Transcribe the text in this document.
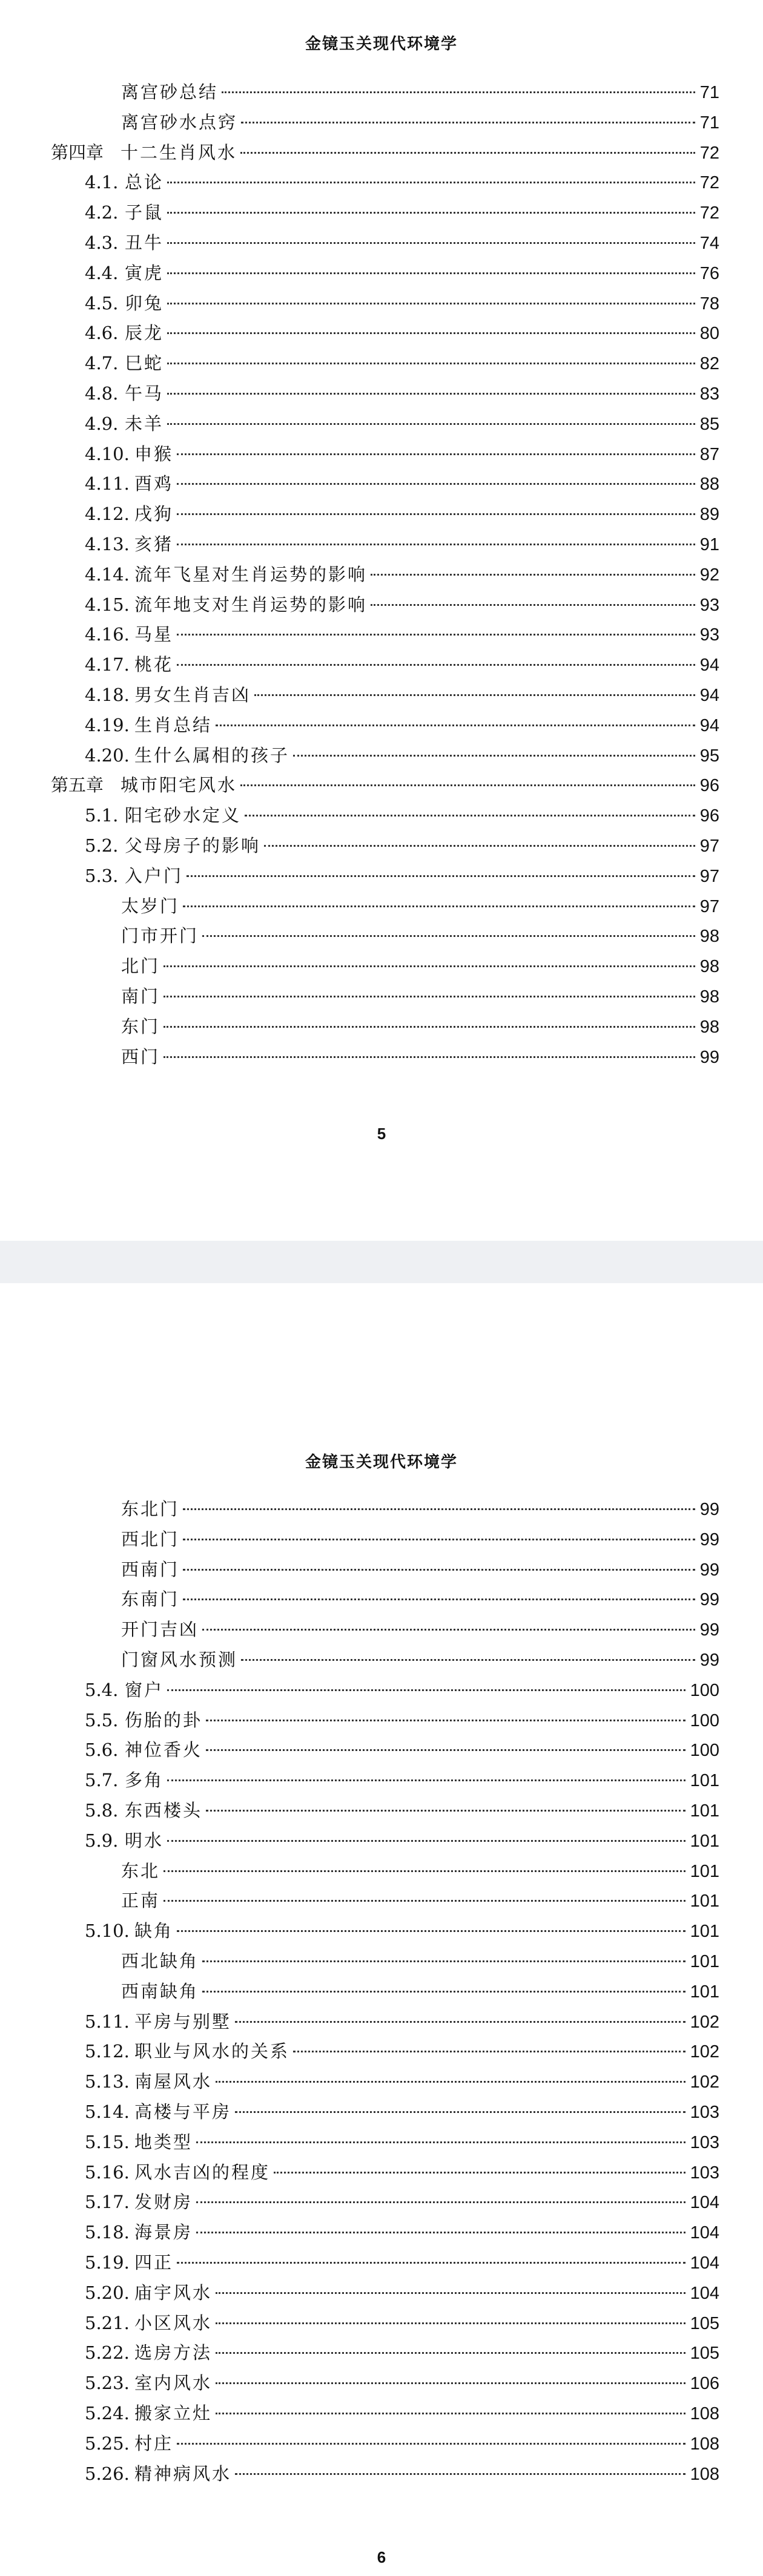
金镜玉关现代环境学
离宫砂总结	71
离宫砂水点窍	71
第四章 十二生肖风水	72
4.1. 总论	72
4.2. 子鼠	72
4.3. 丑牛	74
4.4. 寅虎	76
4.5. 卯兔	78
4.6. 辰龙	80
4.7. 巳蛇	82
4.8. 午马	83
4.9. 未羊	85
4.10. 申猴	87
4.11. 酉鸡	88
4.12. 戌狗	89
4.13. 亥猪	91
4.14. 流年飞星对生肖运势的影响	92
4.15. 流年地支对生肖运势的影响	93
4.16. 马星	93
4.17. 桃花	94
4.18. 男女生肖吉凶	94
4.19. 生肖总结	94
4.20. 生什么属相的孩子	95
第五章 城市阳宅风水	96
5.1. 阳宅砂水定义	96
5.2. 父母房子的影响	97
5.3. 入户门	97
太岁门	97
门市开门	98
北门	98
南门	98
东门	98
西门	99
5
金镜玉关现代环境学
东北门	99
西北门	99
西南门	99
东南门	99
开门吉凶	99
门窗风水预测	99
5.4. 窗户	100
5.5. 伤胎的卦	100
5.6. 神位香火	100
5.7. 多角	101
5.8. 东西楼头	101
5.9. 明水	101
东北	101
正南	101
5.10. 缺角	101
西北缺角	101
西南缺角	101
5.11. 平房与别墅	102
5.12. 职业与风水的关系	102
5.13. 南屋风水	102
5.14. 高楼与平房	103
5.15. 地类型	103
5.16. 风水吉凶的程度	103
5.17. 发财房	104
5.18. 海景房	104
5.19. 四正	104
5.20. 庙宇风水	104
5.21. 小区风水	105
5.22. 选房方法	105
5.23. 室内风水	106
5.24. 搬家立灶	108
5.25. 村庄	108
5.26. 精神病风水	108
6
